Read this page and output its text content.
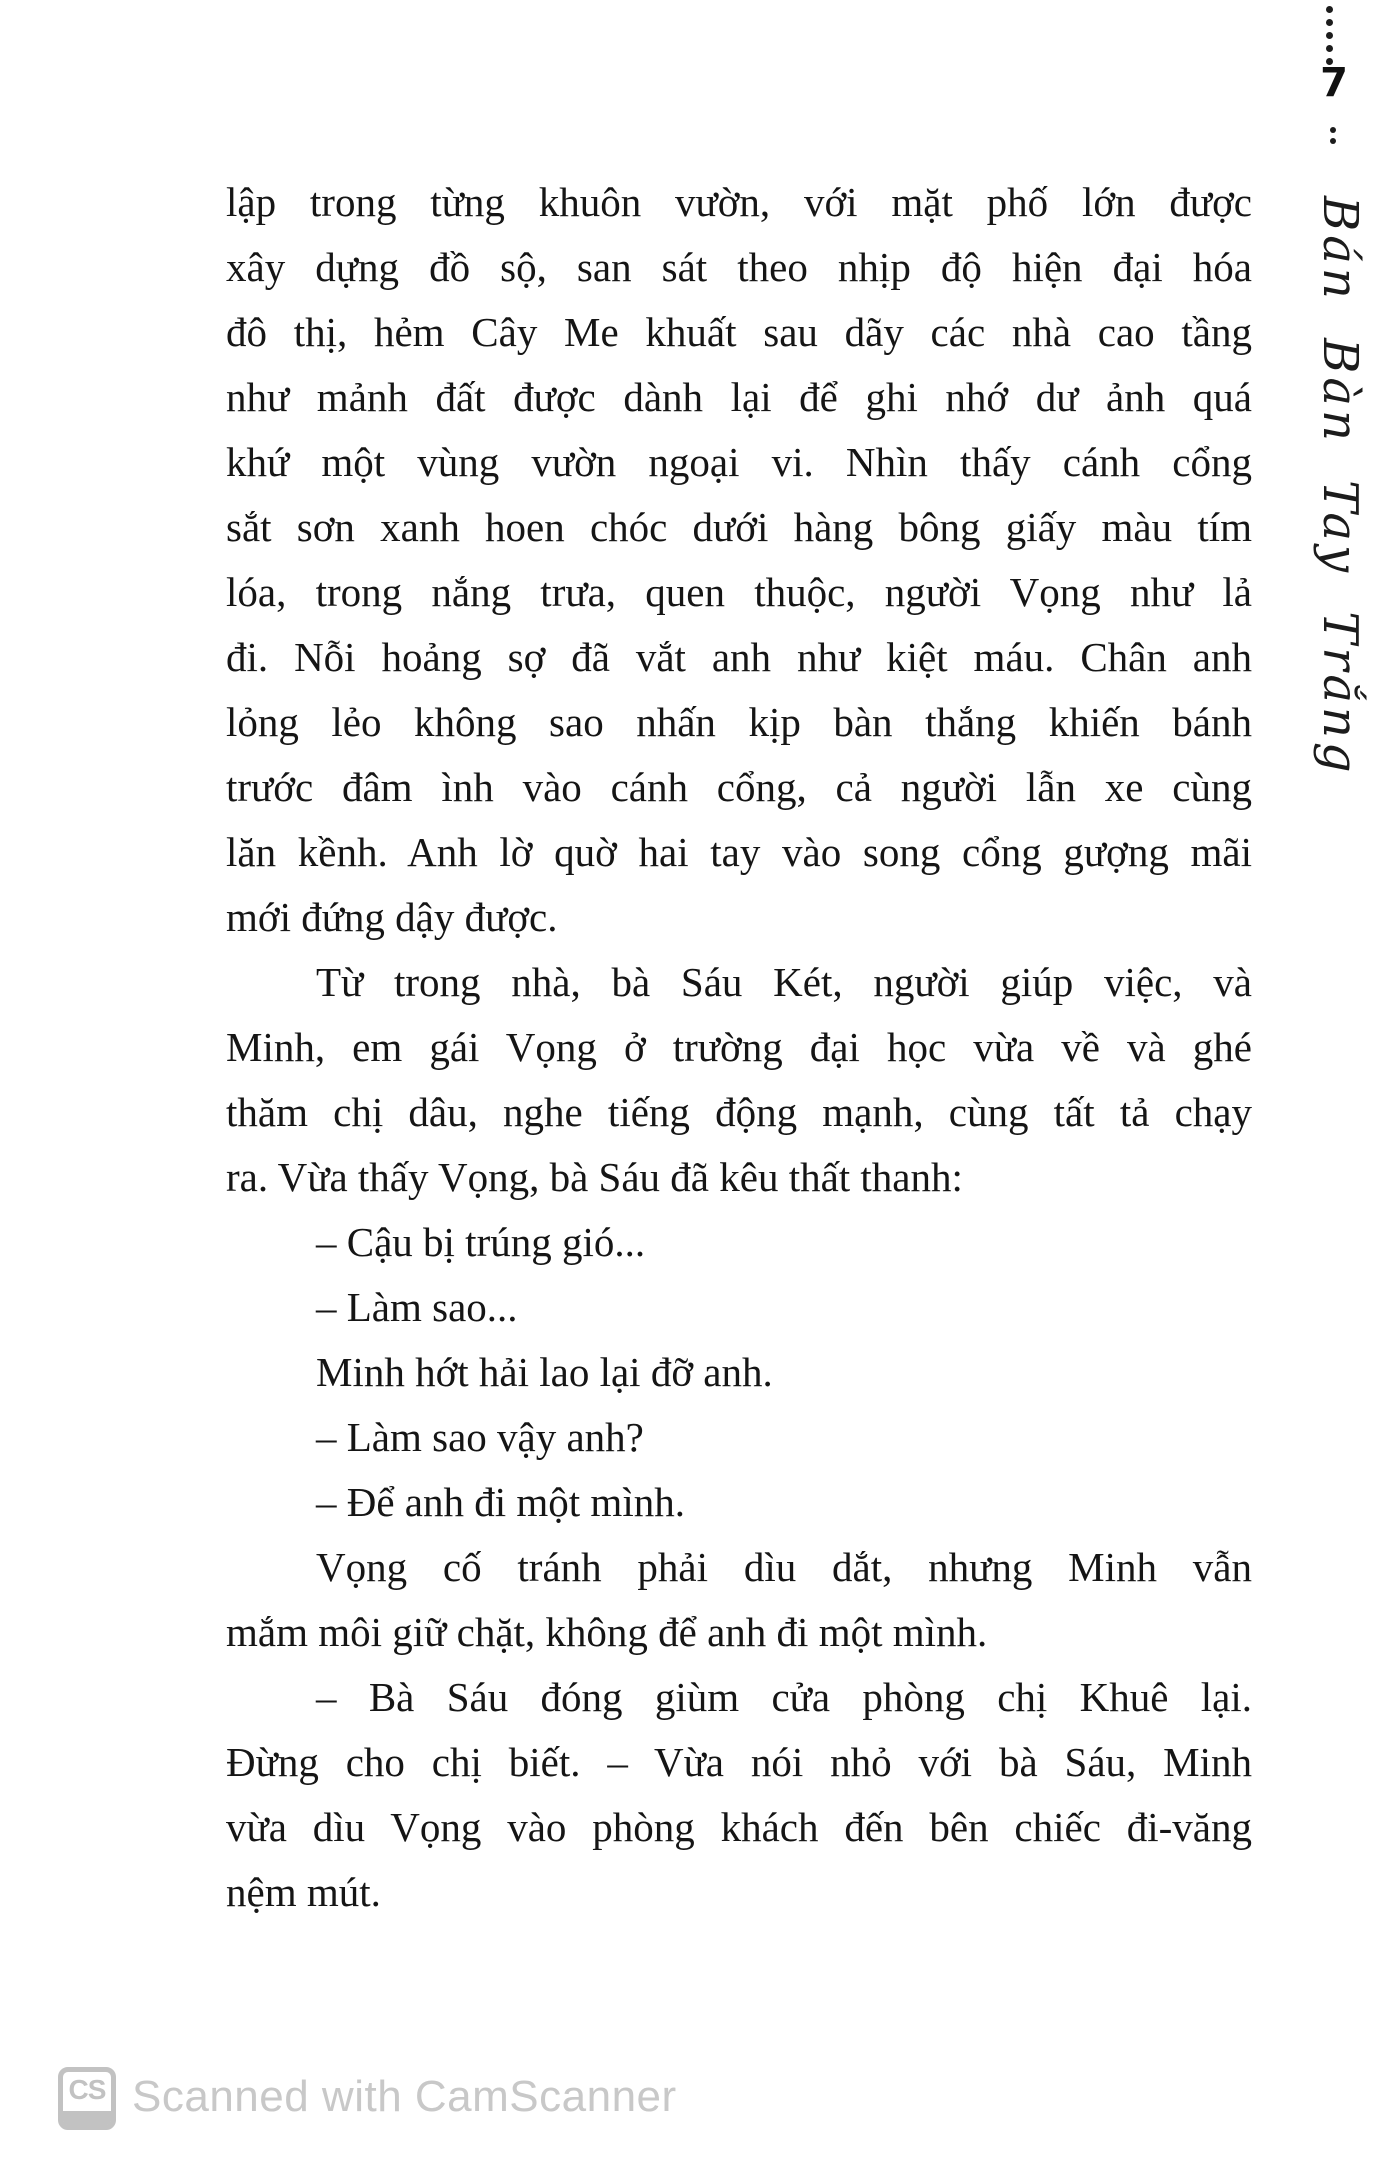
7
Bán Bàn Tay Trắng
lập trong từng khuôn vườn, với mặt phố lớn được
xây dựng đồ sộ, san sát theo nhịp độ hiện đại hóa
đô thị, hẻm Cây Me khuất sau dãy các nhà cao tầng
như mảnh đất được dành lại để ghi nhớ dư ảnh quá
khứ một vùng vườn ngoại vi. Nhìn thấy cánh cổng
sắt sơn xanh hoen chóc dưới hàng bông giấy màu tím
lóa, trong nắng trưa, quen thuộc, người Vọng như lả
đi. Nỗi hoảng sợ đã vắt anh như kiệt máu. Chân anh
lỏng lẻo không sao nhấn kịp bàn thắng khiến bánh
trước đâm ình vào cánh cổng, cả người lẫn xe cùng
lăn kềnh. Anh lờ quờ hai tay vào song cổng gượng mãi
mới đứng dậy được.
Từ trong nhà, bà Sáu Két, người giúp việc, và
Minh, em gái Vọng ở trường đại học vừa về và ghé
thăm chị dâu, nghe tiếng động mạnh, cùng tất tả chạy
ra. Vừa thấy Vọng, bà Sáu đã kêu thất thanh:
– Cậu bị trúng gió...
– Làm sao...
Minh hớt hải lao lại đỡ anh.
– Làm sao vậy anh?
– Để anh đi một mình.
Vọng cố tránh phải dìu dắt, nhưng Minh vẫn
mắm môi giữ chặt, không để anh đi một mình.
– Bà Sáu đóng giùm cửa phòng chị Khuê lại.
Đừng cho chị biết. – Vừa nói nhỏ với bà Sáu, Minh
vừa dìu Vọng vào phòng khách đến bên chiếc đi-văng
nệm mút.
CS Scanned with CamScanner
